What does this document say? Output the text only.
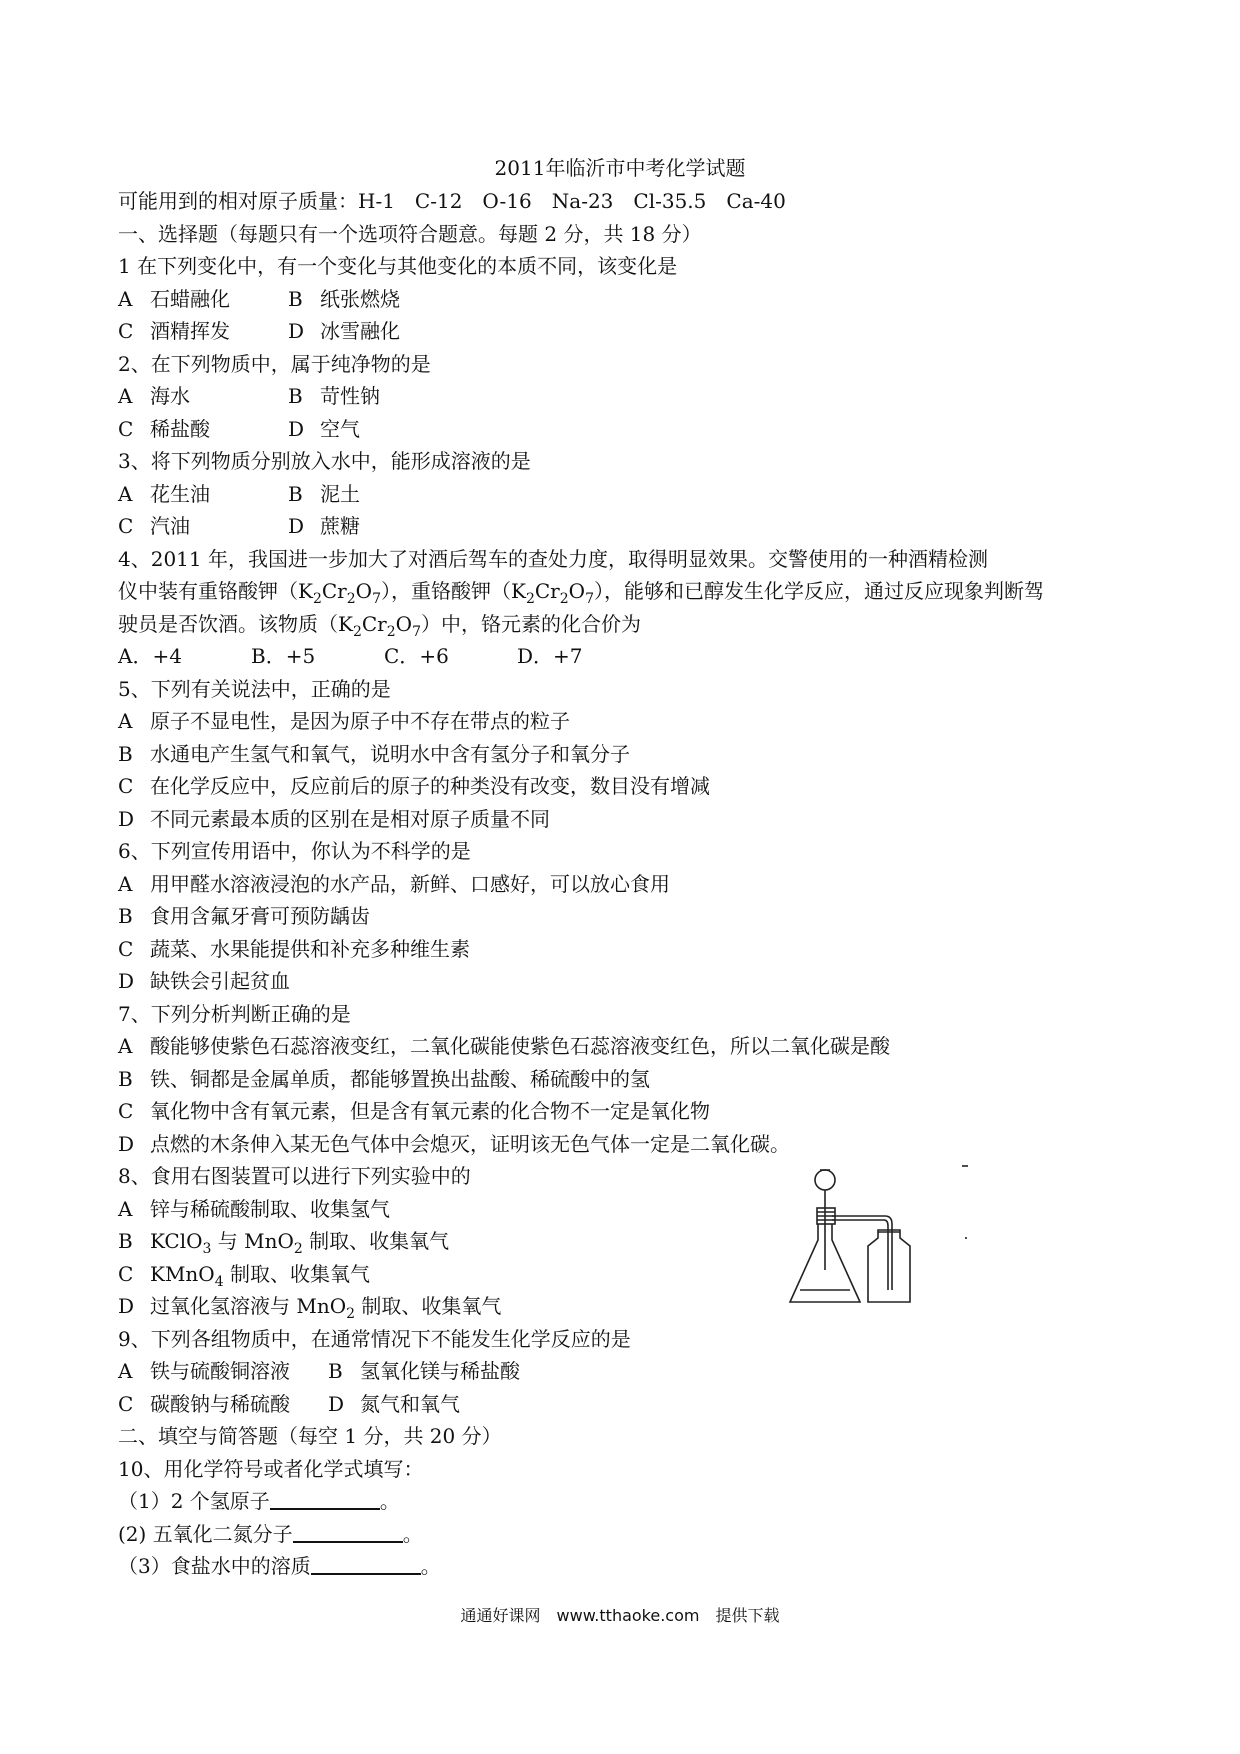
2011年临沂市中考化学试题
可能用到的相对原子质量：H-1　C-12　O-16　Na-23　Cl-35.5　Ca-40
一、选择题（每题只有一个选项符合题意。每题 2 分，共 18 分）
1 在下列变化中，有一个变化与其他变化的本质不同，该变化是
A 石蜡融化	B 纸张燃烧
C 酒精挥发	D 冰雪融化
2、在下列物质中，属于纯净物的是
A 海水	B 苛性钠
C 稀盐酸	D 空气
3、将下列物质分别放入水中，能形成溶液的是
A 花生油	B 泥土
C 汽油	D 蔗糖
4、2011 年，我国进一步加大了对酒后驾车的查处力度，取得明显效果。交警使用的一种酒精检测
仪中装有重铬酸钾$(K_2Cr_2O_7)$，重铬酸钾$(K_2Cr_2O_7)$，能够和已醇发生化学反应，通过反应现象判断驾
驶员是否饮酒。该物质$(K_2Cr_2O_7)$中，铬元素的化合价为
A．+4	B．+5	C．+6	D．+7
5、下列有关说法中，正确的是
A 原子不显电性，是因为原子中不存在带点的粒子
B 水通电产生氢气和氧气，说明水中含有氢分子和氧分子
C 在化学反应中，反应前后的原子的种类没有改变，数目没有增减
D 不同元素最本质的区别在是相对原子质量不同
6、下列宣传用语中，你认为不科学的是
A 用甲醛水溶液浸泡的水产品，新鲜、口感好，可以放心食用
B 食用含氟牙膏可预防龋齿
C 蔬菜、水果能提供和补充多种维生素
D 缺铁会引起贫血
7、下列分析判断正确的是
A 酸能够使紫色石蕊溶液变红，二氧化碳能使紫色石蕊溶液变红色，所以二氧化碳是酸
B 铁、铜都是金属单质，都能够置换出盐酸、稀硫酸中的氢
C 氧化物中含有氧元素，但是含有氧元素的化合物不一定是氧化物
D 点燃的木条伸入某无色气体中会熄灭，证明该无色气体一定是二氧化碳。
8、食用右图装置可以进行下列实验中的
A 锌与稀硫酸制取、收集氢气
B KClO$_3$ 与 MnO$_2$ 制取、收集氧气
C KMnO$_4$ 制取、收集氧气
D 过氧化氢溶液与 MnO$_2$ 制取、收集氧气
9、下列各组物质中，在通常情况下不能发生化学反应的是
A 铁与硫酸铜溶液 B 氢氧化镁与稀盐酸
C 碳酸钠与稀硫酸 D 氮气和氧气
二、填空与简答题（每空 1 分，共 20 分）
10、用化学符号或者化学式填写：
（1）2 个氢原子	。
(2) 五氧化二氮分子	。
（3）食盐水中的溶质	。
通通好课网　www.tthaoke.com　提供下载
